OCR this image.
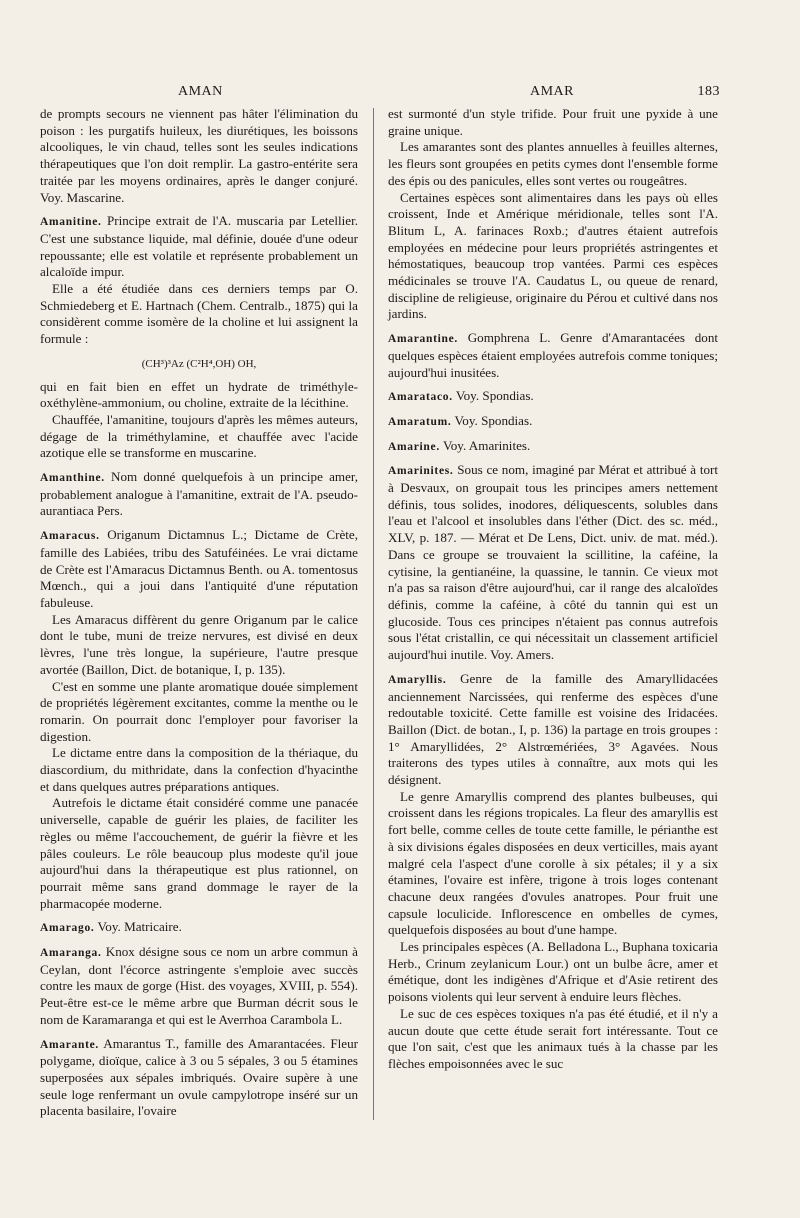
AMAN	AMAR	183

de prompts secours ne viennent pas hâter l'élimination du poison : les purgatifs huileux, les diurétiques, les boissons alcooliques, le vin chaud, telles sont les seules indications thérapeutiques que l'on doit remplir. La gastro-entérite sera traitée par les moyens ordinaires, après le danger conjuré. Voy. Mascarine.

Amanitine. Principe extrait de l'A. muscaria par Letellier. C'est une substance liquide, mal définie, douée d'une odeur repoussante; elle est volatile et représente probablement un alcaloïde impur.

Elle a été étudiée dans ces derniers temps par O. Schmiedeberg et E. Hartnach (Chem. Centralb., 1875) qui la considèrent comme isomère de la choline et lui assignent la formule :

(CH³)³Az (C²H⁴,OH) OH,

qui en fait bien en effet un hydrate de triméthyle-oxéthylène-ammonium, ou choline, extraite de la lécithine.

Chauffée, l'amanitine, toujours d'après les mêmes auteurs, dégage de la triméthylamine, et chauffée avec l'acide azotique elle se transforme en muscarine.

Amanthine. Nom donné quelquefois à un principe amer, probablement analogue à l'amanitine, extrait de l'A. pseudo-aurantiaca Pers.

Amaracus. Origanum Dictamnus L.; Dictame de Crète, famille des Labiées, tribu des Satuféinées. Le vrai dictame de Crète est l'Amaracus Dictamnus Benth. ou A. tomentosus Mœnch., qui a joui dans l'antiquité d'une réputation fabuleuse.

Les Amaracus diffèrent du genre Origanum par le calice dont le tube, muni de treize nervures, est divisé en deux lèvres, l'une très longue, la supérieure, l'autre presque avortée (Baillon, Dict. de botanique, I, p. 135).

C'est en somme une plante aromatique douée simplement de propriétés légèrement excitantes, comme la menthe ou le romarin. On pourrait donc l'employer pour favoriser la digestion.

Le dictame entre dans la composition de la thériaque, du diascordium, du mithridate, dans la confection d'hyacinthe et dans quelques autres préparations antiques.

Autrefois le dictame était considéré comme une panacée universelle, capable de guérir les plaies, de faciliter les règles ou même l'accouchement, de guérir la fièvre et les pâles couleurs. Le rôle beaucoup plus modeste qu'il joue aujourd'hui dans la thérapeutique est plus rationnel, on pourrait même sans grand dommage le rayer de la pharmacopée moderne.

Amarago. Voy. Matricaire.

Amaranga. Knox désigne sous ce nom un arbre commun à Ceylan, dont l'écorce astringente s'emploie avec succès contre les maux de gorge (Hist. des voyages, XVIII, p. 554). Peut-être est-ce le même arbre que Burman décrit sous le nom de Karamaranga et qui est le Averrhoa Carambola L.

Amarante. Amarantus T., famille des Amarantacées. Fleur polygame, dioïque, calice à 3 ou 5 sépales, 3 ou 5 étamines superposées aux sépales imbriqués. Ovaire supère à une seule loge renfermant un ovule campylotrope inséré sur un placenta basilaire, l'ovaire

est surmonté d'un style trifide. Pour fruit une pyxide à une graine unique.

Les amarantes sont des plantes annuelles à feuilles alternes, les fleurs sont groupées en petits cymes dont l'ensemble forme des épis ou des panicules, elles sont vertes ou rougeâtres.

Certaines espèces sont alimentaires dans les pays où elles croissent, Inde et Amérique méridionale, telles sont l'A. Blitum L, A. farinaces Roxb.; d'autres étaient autrefois employées en médecine pour leurs propriétés astringentes et hémostatiques, beaucoup trop vantées. Parmi ces espèces médicinales se trouve l'A. Caudatus L, ou queue de renard, discipline de religieuse, originaire du Pérou et cultivé dans nos jardins.

Amarantine. Gomphrena L. Genre d'Amarantacées dont quelques espèces étaient employées autrefois comme toniques; aujourd'hui inusitées.

Amarataco. Voy. Spondias.

Amaratum. Voy. Spondias.

Amarine. Voy. Amarinites.

Amarinites. Sous ce nom, imaginé par Mérat et attribué à tort à Desvaux, on groupait tous les principes amers nettement définis, tous solides, inodores, déliquescents, solubles dans l'eau et l'alcool et insolubles dans l'éther (Dict. des sc. méd., XLV, p. 187. — Mérat et De Lens, Dict. univ. de mat. méd.). Dans ce groupe se trouvaient la scillitine, la caféine, la cytisine, la gentianéine, la quassine, le tannin. Ce vieux mot n'a pas sa raison d'être aujourd'hui, car il range des alcaloïdes définis, comme la caféine, à côté du tannin qui est un glucoside. Tous ces principes n'étaient pas connus autrefois sous l'état cristallin, ce qui nécessitait un classement artificiel aujourd'hui inutile. Voy. Amers.

Amaryllis. Genre de la famille des Amaryllidacées anciennement Narcissées, qui renferme des espèces d'une redoutable toxicité. Cette famille est voisine des Iridacées. Baillon (Dict. de botan., I, p. 136) la partage en trois groupes : 1° Amaryllidées, 2° Alstrœmériées, 3° Agavées. Nous traiterons des types utiles à connaître, aux mots qui les désignent.

Le genre Amaryllis comprend des plantes bulbeuses, qui croissent dans les régions tropicales. La fleur des amaryllis est fort belle, comme celles de toute cette famille, le périanthe est à six divisions égales disposées en deux verticilles, mais ayant malgré cela l'aspect d'une corolle à six pétales; il y a six étamines, l'ovaire est infère, trigone à trois loges contenant chacune deux rangées d'ovules anatropes. Pour fruit une capsule loculicide. Inflorescence en ombelles de cymes, quelquefois disposées au bout d'une hampe.

Les principales espèces (A. Belladona L., Buphana toxicaria Herb., Crinum zeylanicum Lour.) ont un bulbe âcre, amer et émétique, dont les indigènes d'Afrique et d'Asie retirent des poisons violents qui leur servent à enduire leurs flèches.

Le suc de ces espèces toxiques n'a pas été étudié, et il n'y a aucun doute que cette étude serait fort intéressante. Tout ce que l'on sait, c'est que les animaux tués à la chasse par les flèches empoisonnées avec le suc
